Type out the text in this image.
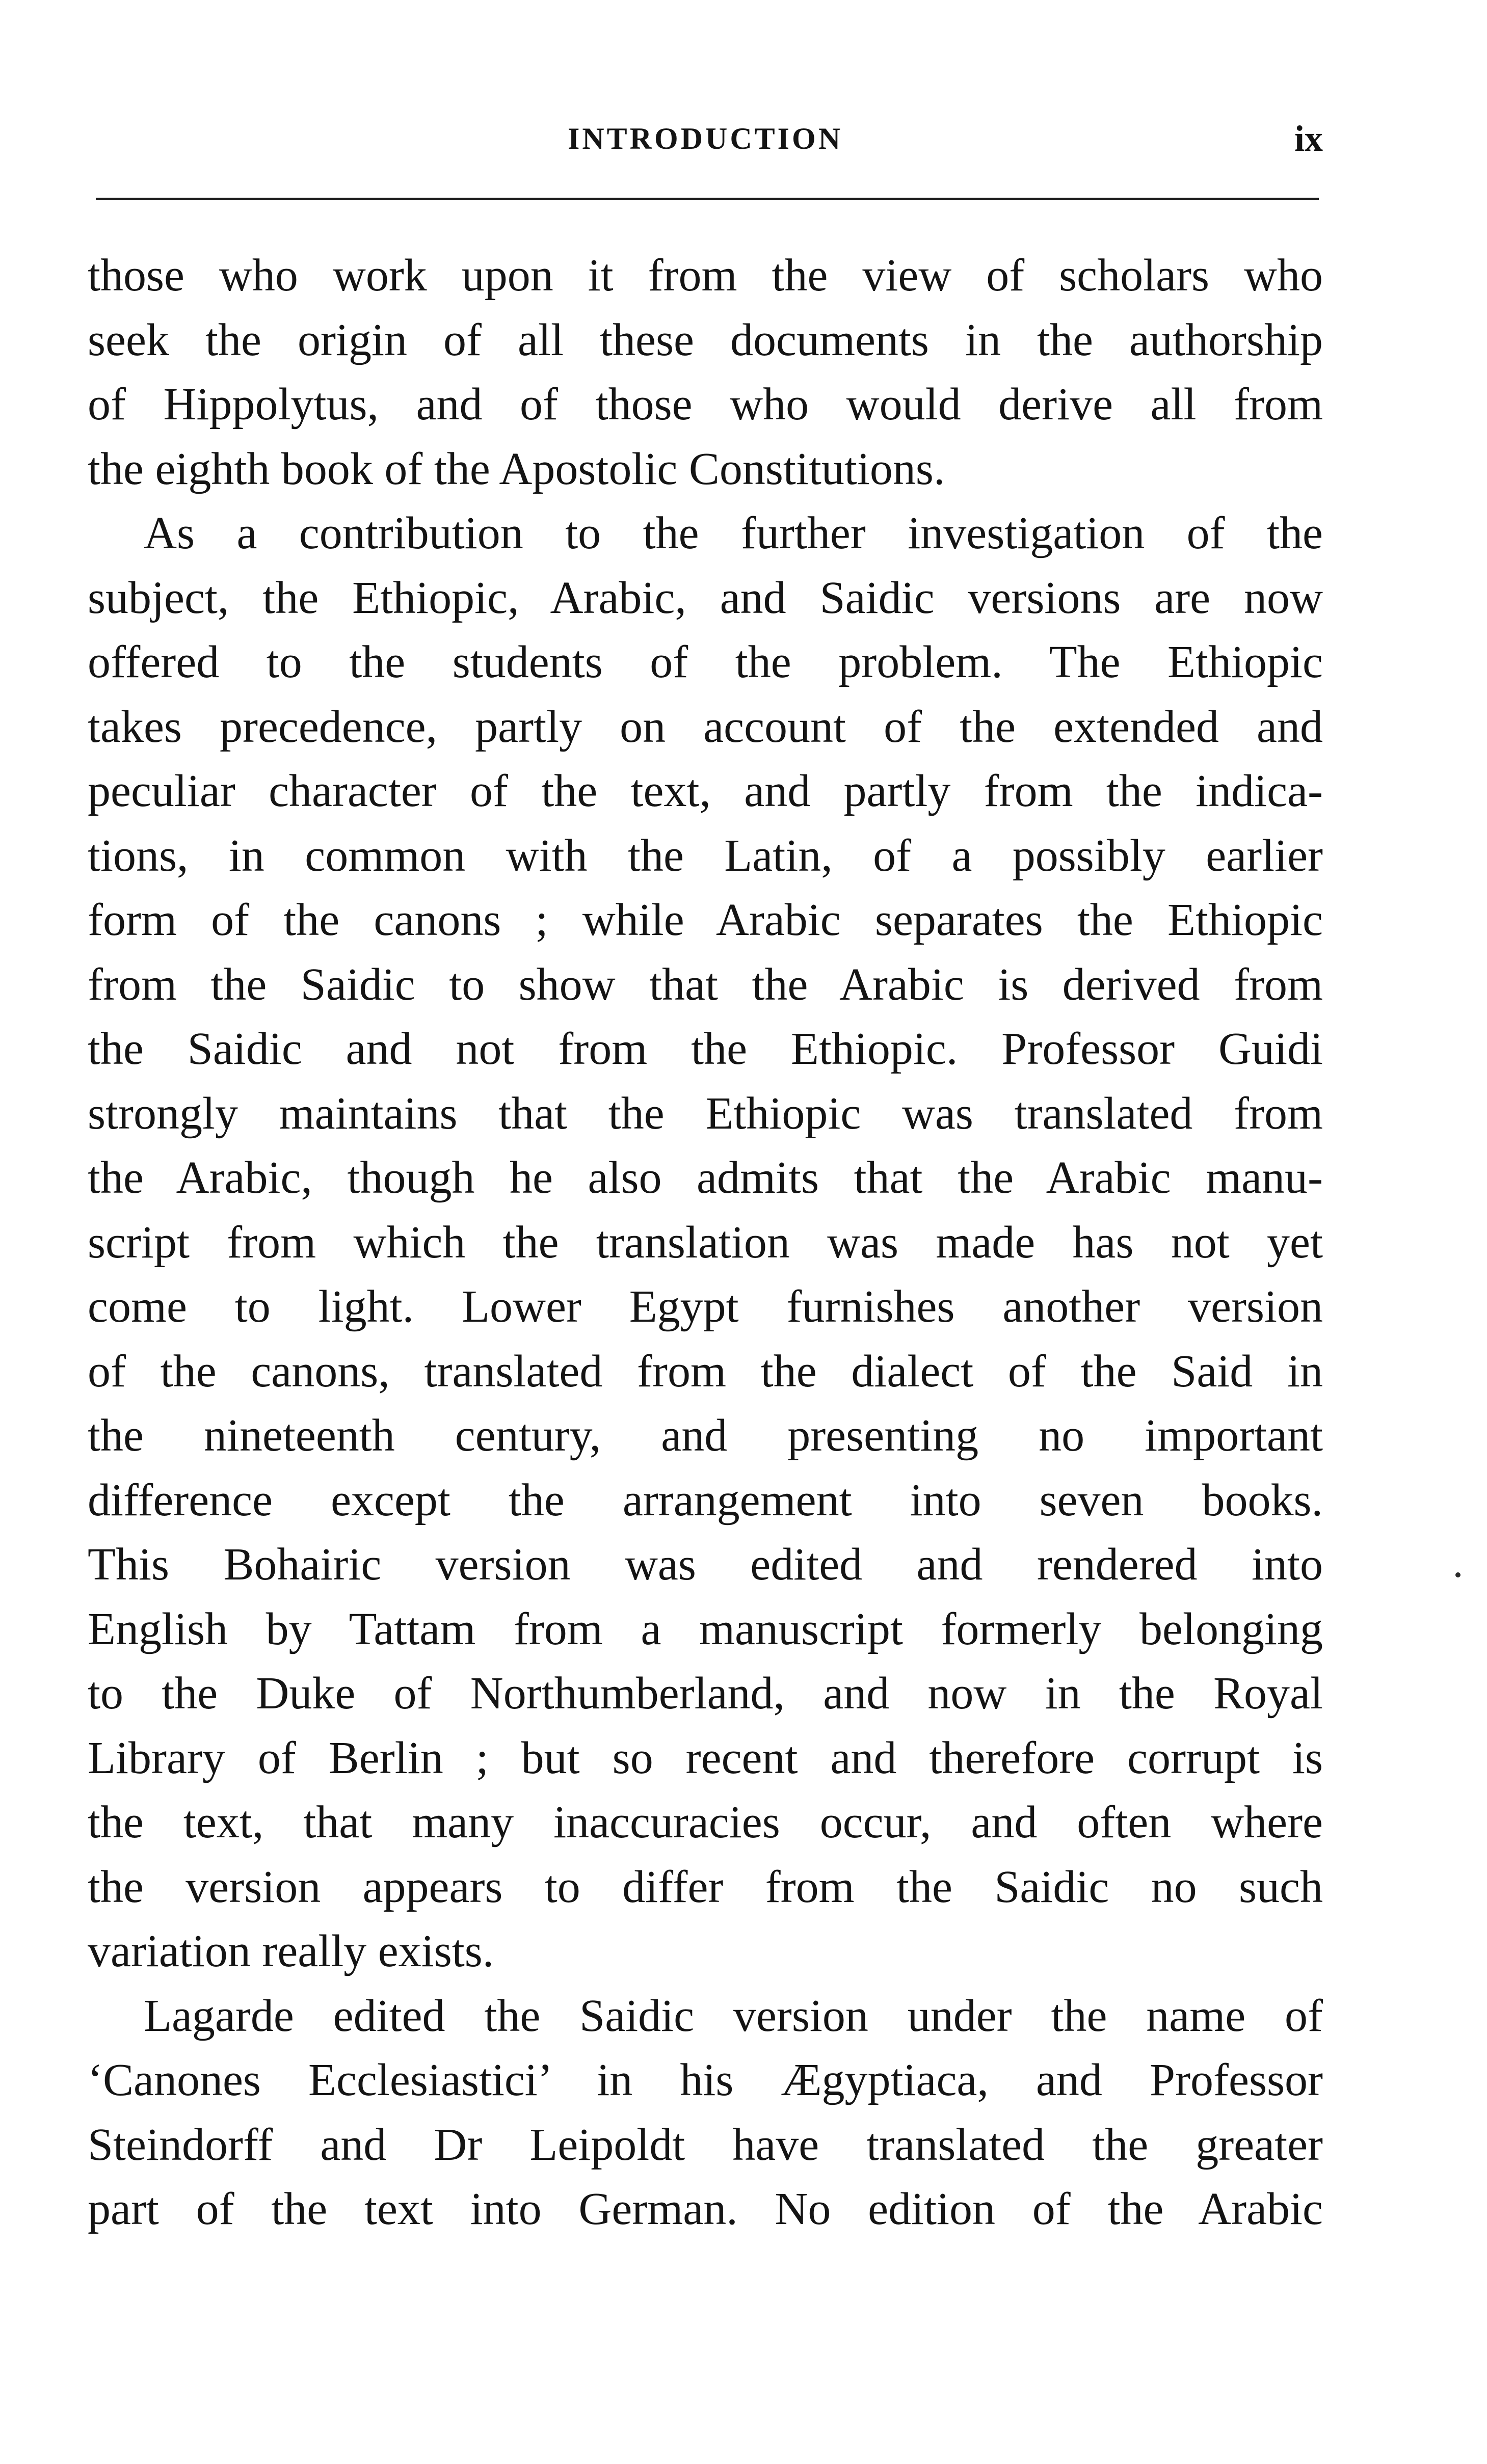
INTRODUCTION	ix
those who work upon it from the view of scholars who
seek the origin of all these documents in the authorship
of Hippolytus, and of those who would derive all from
the eighth book of the Apostolic Constitutions.
As a contribution to the further investigation of the
subject, the Ethiopic, Arabic, and Saidic versions are now
offered to the students of the problem. The Ethiopic
takes precedence, partly on account of the extended and
peculiar character of the text, and partly from the indica-
tions, in common with the Latin, of a possibly earlier
form of the canons ; while Arabic separates the Ethiopic
from the Saidic to show that the Arabic is derived from
the Saidic and not from the Ethiopic. Professor Guidi
strongly maintains that the Ethiopic was translated from
the Arabic, though he also admits that the Arabic manu-
script from which the translation was made has not yet
come to light. Lower Egypt furnishes another version
of the canons, translated from the dialect of the Said in
the nineteenth century, and presenting no important
difference except the arrangement into seven books.
This Bohairic version was edited and rendered into
English by Tattam from a manuscript formerly belonging
to the Duke of Northumberland, and now in the Royal
Library of Berlin ; but so recent and therefore corrupt is
the text, that many inaccuracies occur, and often where
the version appears to differ from the Saidic no such
variation really exists.
Lagarde edited the Saidic version under the name of
‘Canones Ecclesiastici’ in his Ægyptiaca, and Professor
Steindorff and Dr Leipoldt have translated the greater
part of the text into German. No edition of the Arabic
